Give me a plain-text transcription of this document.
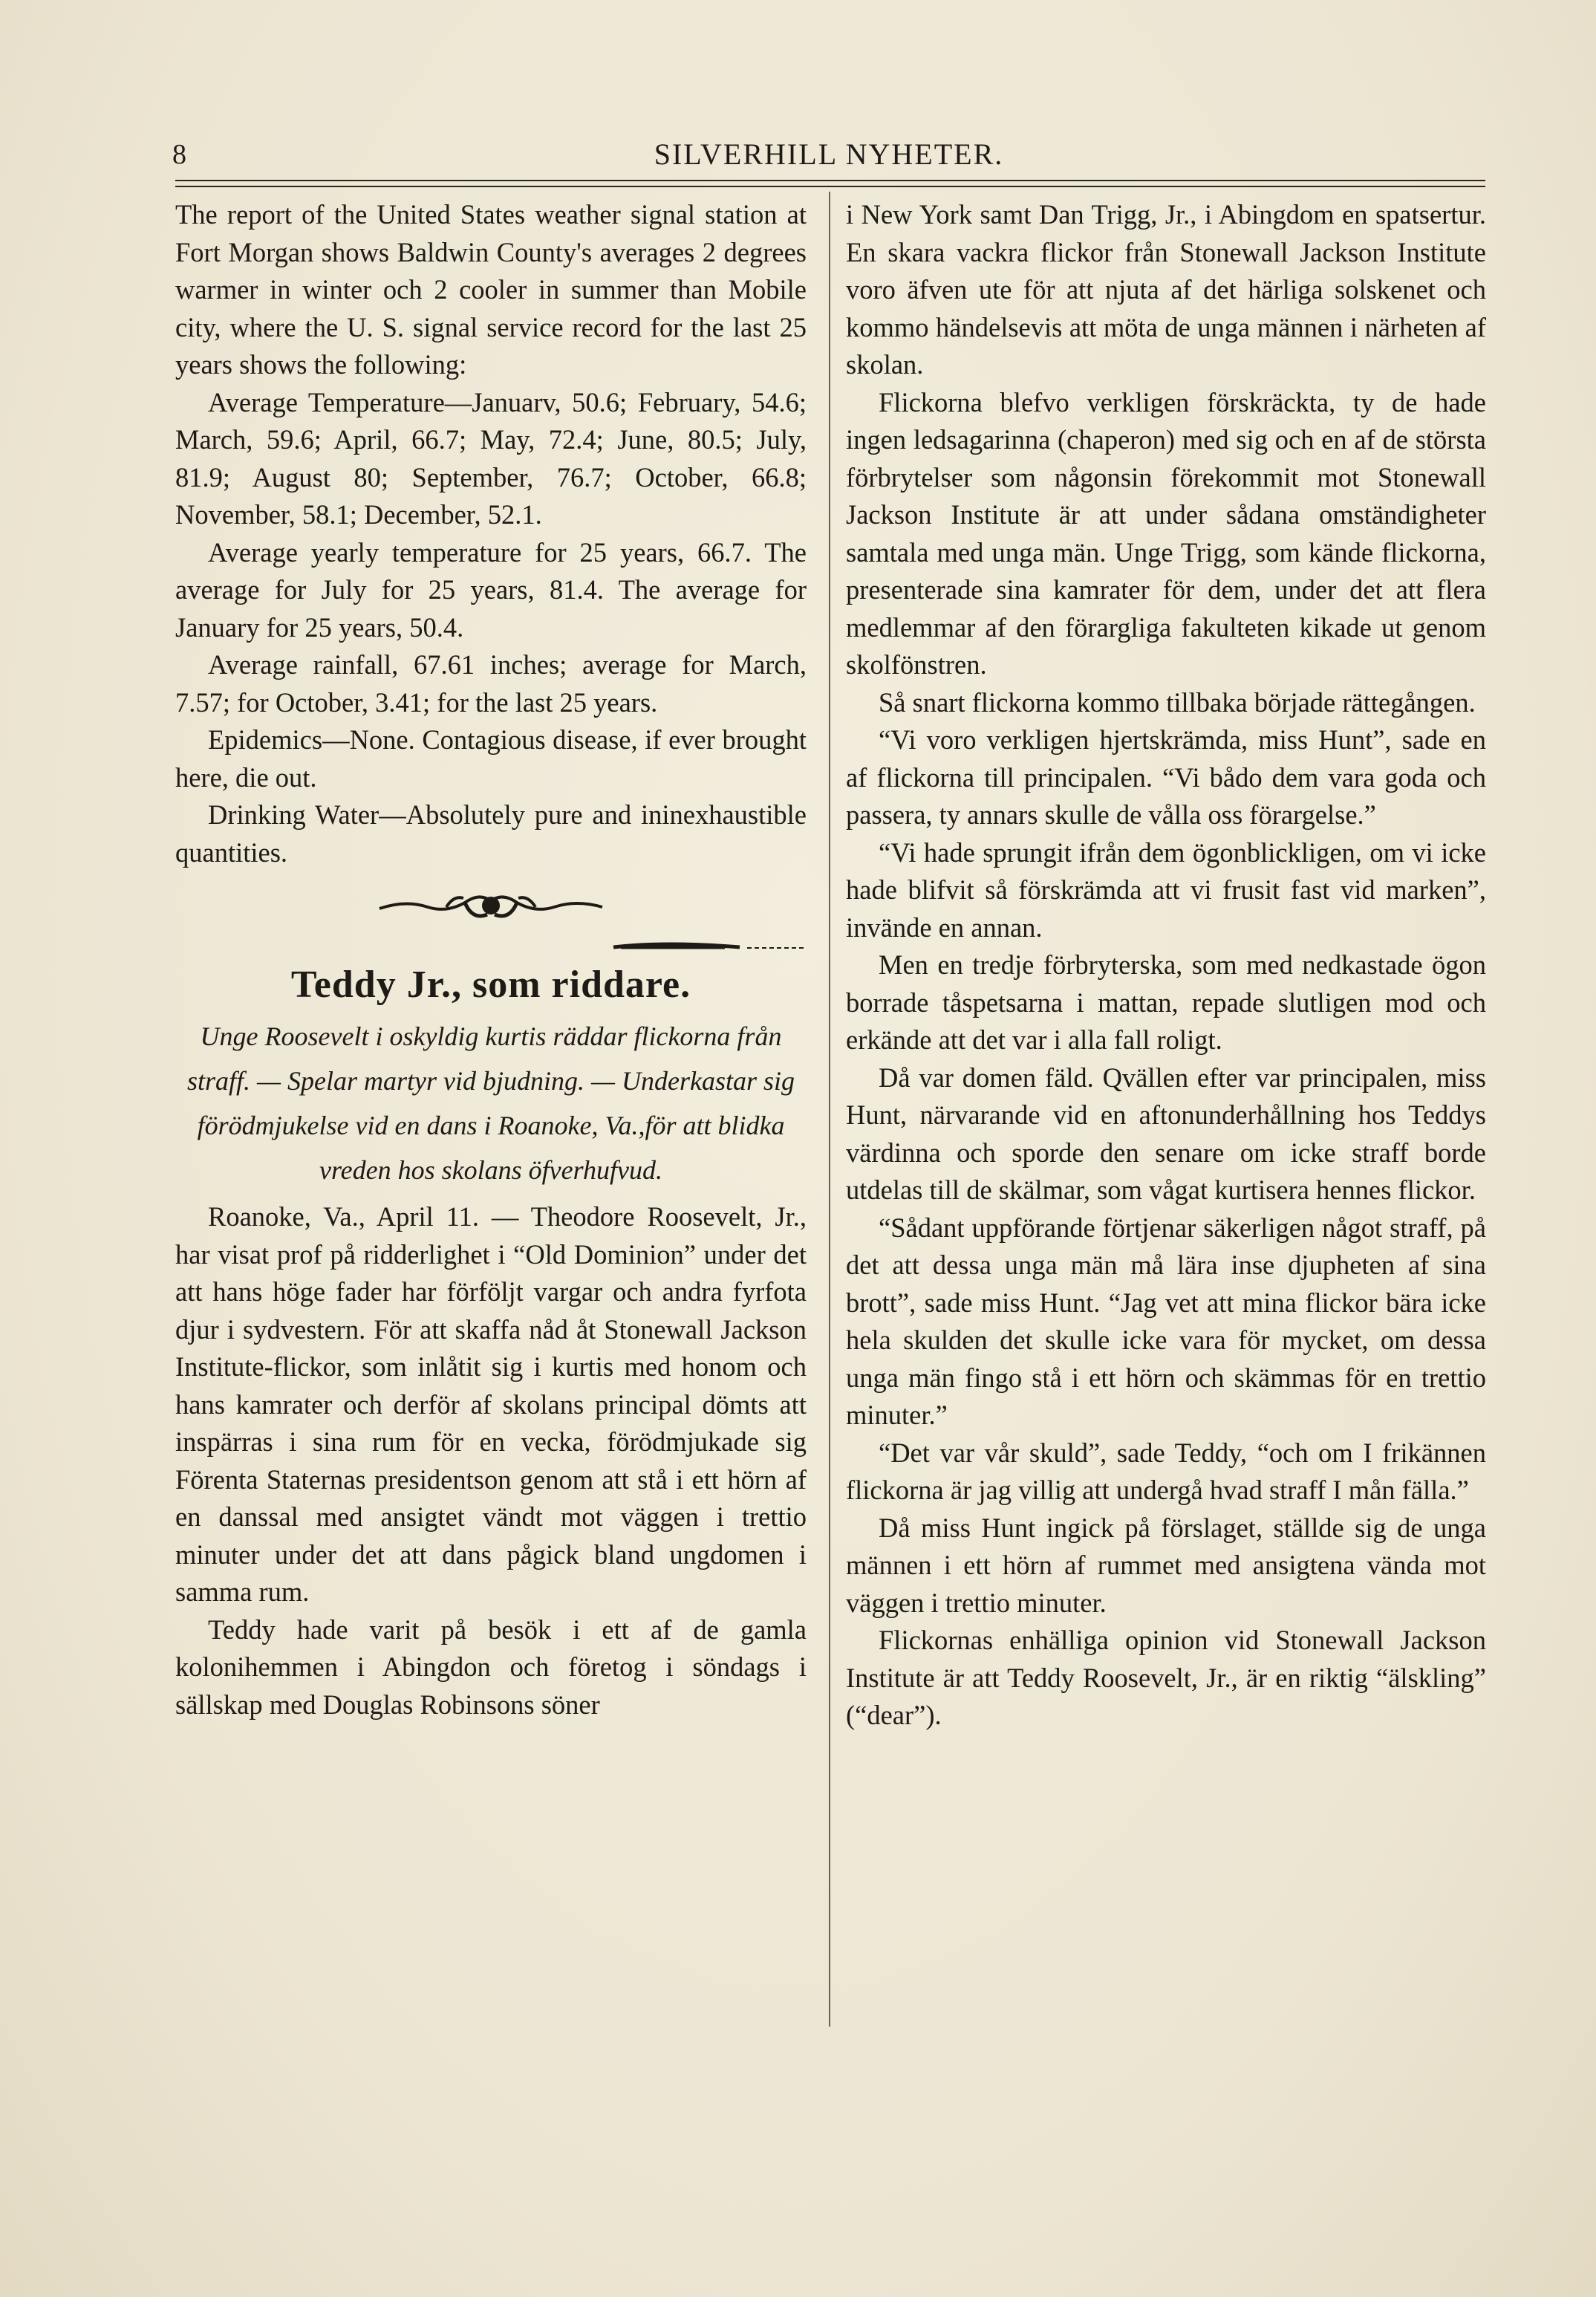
8	SILVERHILL NYHETER.

The report of the United States weather signal station at Fort Morgan shows Baldwin County's averages 2 degrees warmer in winter och 2 cooler in summer than Mobile city, where the U. S. signal service record for the last 25 years shows the following:

Average Temperature—Januarv, 50.6; February, 54.6; March, 59.6; April, 66.7; May, 72.4; June, 80.5; July, 81.9; August 80; September, 76.7; October, 66.8; November, 58.1; December, 52.1.

Average yearly temperature for 25 years, 66.7. The average for July for 25 years, 81.4. The average for January for 25 years, 50.4.

Average rainfall, 67.61 inches; average for March, 7.57; for October, 3.41; for the last 25 years.

Epidemics—None. Contagious disease, if ever brought here, die out.

Drinking Water—Absolutely pure and ininexhaustible quantities.

Teddy Jr., som riddare.
Unge Roosevelt i oskyldig kurtis räddar flickorna från straff. — Spelar martyr vid bjudning. — Underkastar sig förödmjukelse vid en dans i Roanoke, Va.,för att blidka vreden hos skolans öfverhufvud.

Roanoke, Va., April 11. — Theodore Roosevelt, Jr., har visat prof på ridderlighet i “Old Dominion” under det att hans höge fader har förföljt vargar och andra fyrfota djur i sydvestern. För att skaffa nåd åt Stonewall Jackson Institute-flickor, som inlåtit sig i kurtis med honom och hans kamrater och derför af skolans principal dömts att inspärras i sina rum för en vecka, förödmjukade sig Förenta Staternas presidentson genom att stå i ett hörn af en danssal med ansigtet vändt mot väggen i trettio minuter under det att dans pågick bland ungdomen i samma rum.

Teddy hade varit på besök i ett af de gamla kolonihemmen i Abingdon och företog i söndags i sällskap med Douglas Robinsons söner

i New York samt Dan Trigg, Jr., i Abingdom en spatsertur. En skara vackra flickor från Stonewall Jackson Institute voro äfven ute för att njuta af det härliga solskenet och kommo händelsevis att möta de unga männen i närheten af skolan.

Flickorna blefvo verkligen förskräckta, ty de hade ingen ledsagarinna (chaperon) med sig och en af de största förbrytelser som någonsin förekommit mot Stonewall Jackson Institute är att under sådana omständigheter samtala med unga män. Unge Trigg, som kände flickorna, presenterade sina kamrater för dem, under det att flera medlemmar af den förargliga fakulteten kikade ut genom skolfönstren.

Så snart flickorna kommo tillbaka började rättegången.

“Vi voro verkligen hjertskrämda, miss Hunt”, sade en af flickorna till principalen. “Vi bådo dem vara goda och passera, ty annars skulle de vålla oss förargelse.”

“Vi hade sprungit ifrån dem ögonblickligen, om vi icke hade blifvit så förskrämda att vi frusit fast vid marken”, invände en annan.

Men en tredje förbryterska, som med nedkastade ögon borrade tåspetsarna i mattan, repade slutligen mod och erkände att det var i alla fall roligt.

Då var domen fäld. Qvällen efter var principalen, miss Hunt, närvarande vid en aftonunderhållning hos Teddys värdinna och sporde den senare om icke straff borde utdelas till de skälmar, som vågat kurtisera hennes flickor.

“Sådant uppförande förtjenar säkerligen något straff, på det att dessa unga män må lära inse djupheten af sina brott”, sade miss Hunt. “Jag vet att mina flickor bära icke hela skulden det skulle icke vara för mycket, om dessa unga män fingo stå i ett hörn och skämmas för en trettio minuter.”

“Det var vår skuld”, sade Teddy, “och om I frikännen flickorna är jag villig att undergå hvad straff I mån fälla.”

Då miss Hunt ingick på förslaget, ställde sig de unga männen i ett hörn af rummet med ansigtena vända mot väggen i trettio minuter.

Flickornas enhälliga opinion vid Stonewall Jackson Institute är att Teddy Roosevelt, Jr., är en riktig “älskling” (“dear”).
